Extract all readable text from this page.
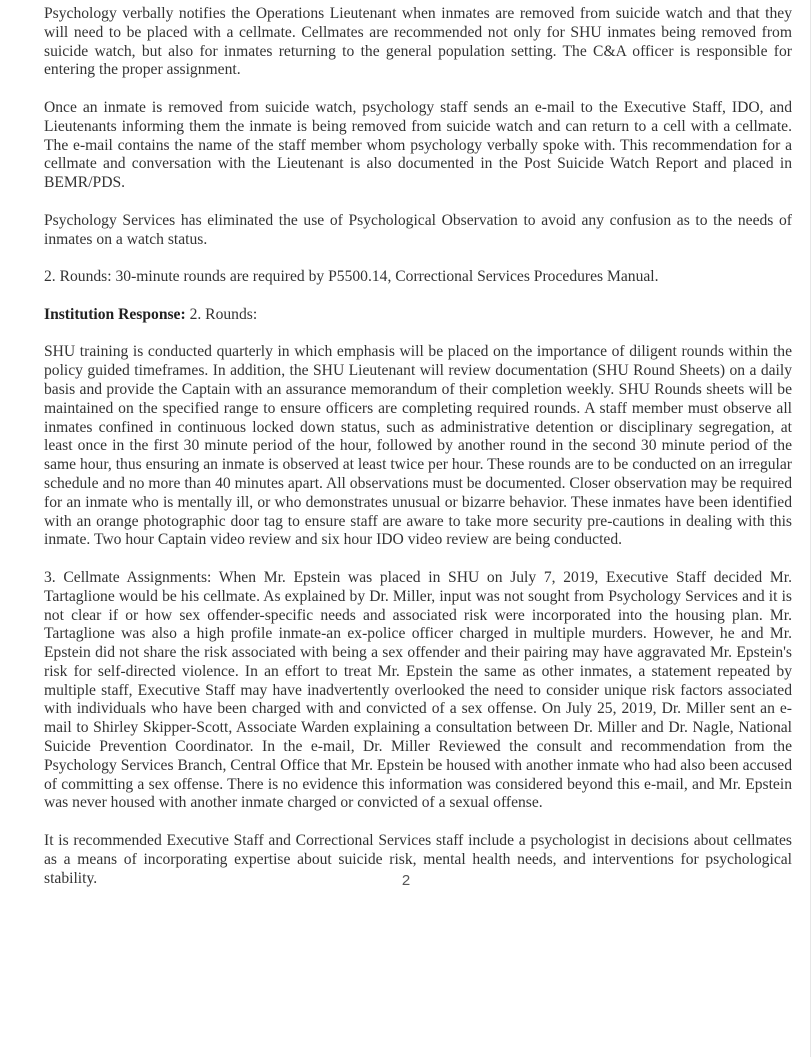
Psychology verbally notifies the Operations Lieutenant when inmates are removed from suicide watch and that they will need to be placed with a cellmate. Cellmates are recommended not only for SHU inmates being removed from suicide watch, but also for inmates returning to the general population setting. The C&A officer is responsible for entering the proper assignment.

Once an inmate is removed from suicide watch, psychology staff sends an e-mail to the Executive Staff, IDO, and Lieutenants informing them the inmate is being removed from suicide watch and can return to a cell with a cellmate. The e-mail contains the name of the staff member whom psychology verbally spoke with. This recommendation for a cellmate and conversation with the Lieutenant is also documented in the Post Suicide Watch Report and placed in BEMR/PDS.

Psychology Services has eliminated the use of Psychological Observation to avoid any confusion as to the needs of inmates on a watch status.

2. Rounds: 30-minute rounds are required by P5500.14, Correctional Services Procedures Manual.

Institution Response: 2. Rounds:

SHU training is conducted quarterly in which emphasis will be placed on the importance of diligent rounds within the policy guided timeframes. In addition, the SHU Lieutenant will review documentation (SHU Round Sheets) on a daily basis and provide the Captain with an assurance memorandum of their completion weekly. SHU Rounds sheets will be maintained on the specified range to ensure officers are completing required rounds. A staff member must observe all inmates confined in continuous locked down status, such as administrative detention or disciplinary segregation, at least once in the first 30 minute period of the hour, followed by another round in the second 30 minute period of the same hour, thus ensuring an inmate is observed at least twice per hour. These rounds are to be conducted on an irregular schedule and no more than 40 minutes apart. All observations must be documented. Closer observation may be required for an inmate who is mentally ill, or who demonstrates unusual or bizarre behavior. These inmates have been identified with an orange photographic door tag to ensure staff are aware to take more security pre-cautions in dealing with this inmate. Two hour Captain video review and six hour IDO video review are being conducted.

3. Cellmate Assignments: When Mr. Epstein was placed in SHU on July 7, 2019, Executive Staff decided Mr. Tartaglione would be his cellmate. As explained by Dr. Miller, input was not sought from Psychology Services and it is not clear if or how sex offender-specific needs and associated risk were incorporated into the housing plan. Mr. Tartaglione was also a high profile inmate-an ex-police officer charged in multiple murders. However, he and Mr. Epstein did not share the risk associated with being a sex offender and their pairing may have aggravated Mr. Epstein's risk for self-directed violence. In an effort to treat Mr. Epstein the same as other inmates, a statement repeated by multiple staff, Executive Staff may have inadvertently overlooked the need to consider unique risk factors associated with individuals who have been charged with and convicted of a sex offense. On July 25, 2019, Dr. Miller sent an e-mail to Shirley Skipper-Scott, Associate Warden explaining a consultation between Dr. Miller and Dr. Nagle, National Suicide Prevention Coordinator. In the e-mail, Dr. Miller Reviewed the consult and recommendation from the Psychology Services Branch, Central Office that Mr. Epstein be housed with another inmate who had also been accused of committing a sex offense. There is no evidence this information was considered beyond this e-mail, and Mr. Epstein was never housed with another inmate charged or convicted of a sexual offense.

It is recommended Executive Staff and Correctional Services staff include a psychologist in decisions about cellmates as a means of incorporating expertise about suicide risk, mental health needs, and interventions for psychological stability.	2
